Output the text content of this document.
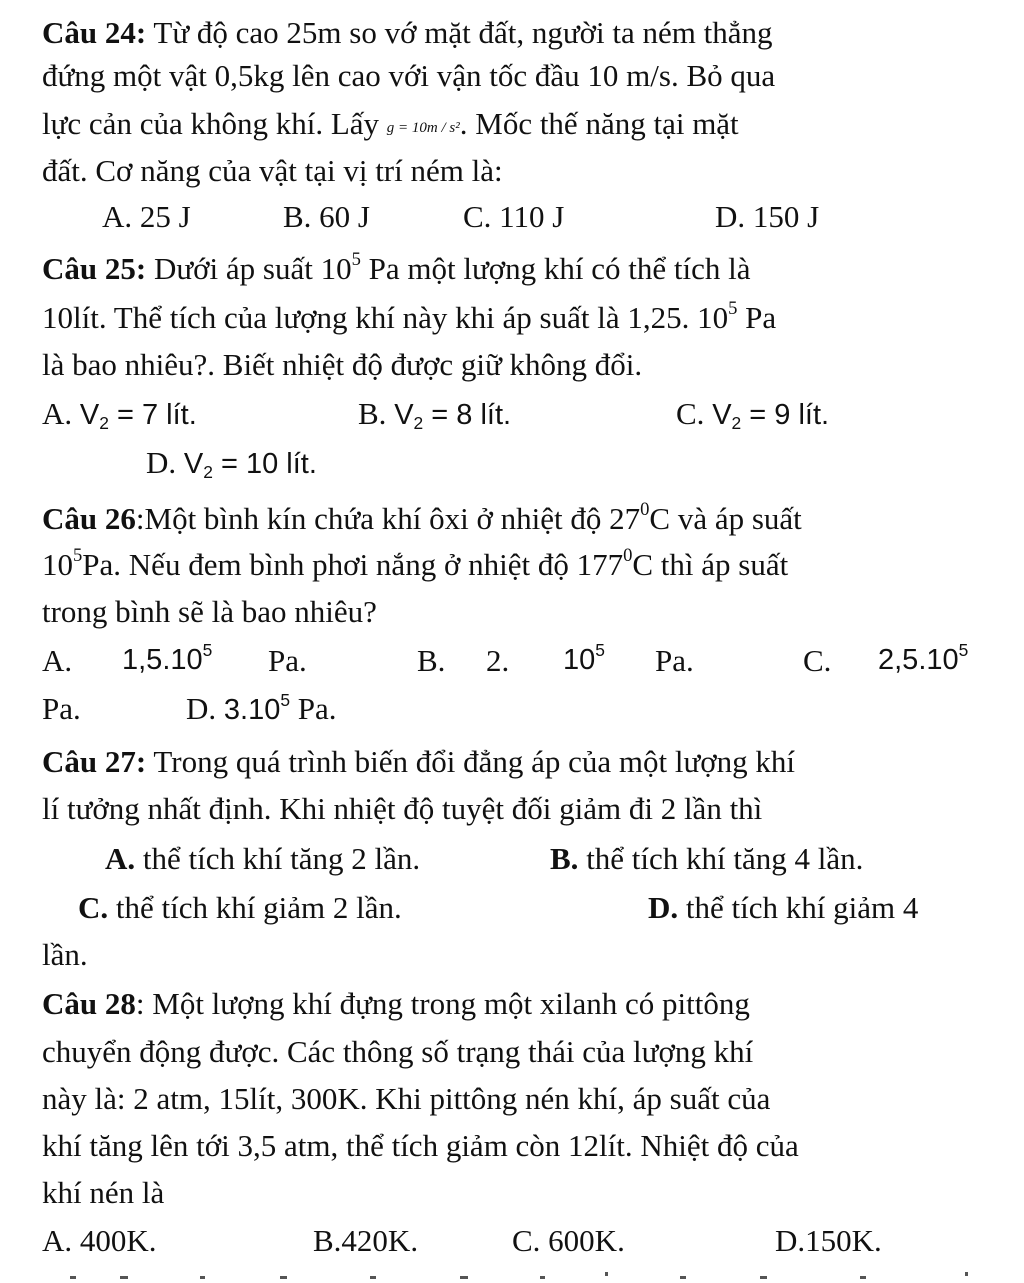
Câu 24: Từ độ cao 25m so vớ mặt đất, người ta ném thẳng
đứng một vật 0,5kg lên cao với vận tốc đầu 10 m/s. Bỏ qua
lực cản của không khí. Lấy g = 10m / s². Mốc thế năng tại mặt
đất. Cơ năng của vật tại vị trí ném là:
A. 25 J	B. 60 J	C. 110 J	D. 150 J
Câu 25: Dưới áp suất $10^5$ Pa một lượng khí có thể tích là
10lít. Thể tích của lượng khí này khi áp suất là 1,25. $10^5$ Pa
là bao nhiêu?. Biết nhiệt độ được giữ không đổi.
A. $V_2 = 7$ lít.	B. $V_2 = 8$ lít.	C. $V_2 = 9$ lít.
D. $V_2 = 10$ lít.
Câu 26:Một bình kín chứa khí ôxi ở nhiệt độ $27^0C$ và áp suất
$10^5Pa$. Nếu đem bình phơi nắng ở nhiệt độ $177^0C$ thì áp suất
trong bình sẽ là bao nhiêu?
A. 1,5.10$^5$ Pa.	B. 2. $10^5$ Pa.	C. 2,5.10$^5$
Pa.	D. 3.10$^5$ Pa.
Câu 27: Trong quá trình biến đổi đẳng áp của một lượng khí
lí tưởng nhất định. Khi nhiệt độ tuyệt đối giảm đi 2 lần thì
A. thể tích khí tăng 2 lần.	B. thể tích khí tăng 4 lần.
C. thể tích khí giảm 2 lần.	D. thể tích khí giảm 4
lần.
Câu 28: Một lượng khí đựng trong một xilanh có pittông
chuyển động được. Các thông số trạng thái của lượng khí
này là: 2 atm, 15lít, 300K. Khi pittông nén khí, áp suất của
khí tăng lên tới 3,5 atm, thể tích giảm còn 12lít. Nhiệt độ của
khí nén là
A. 400K.	B.420K.	C. 600K.	D.150K.
